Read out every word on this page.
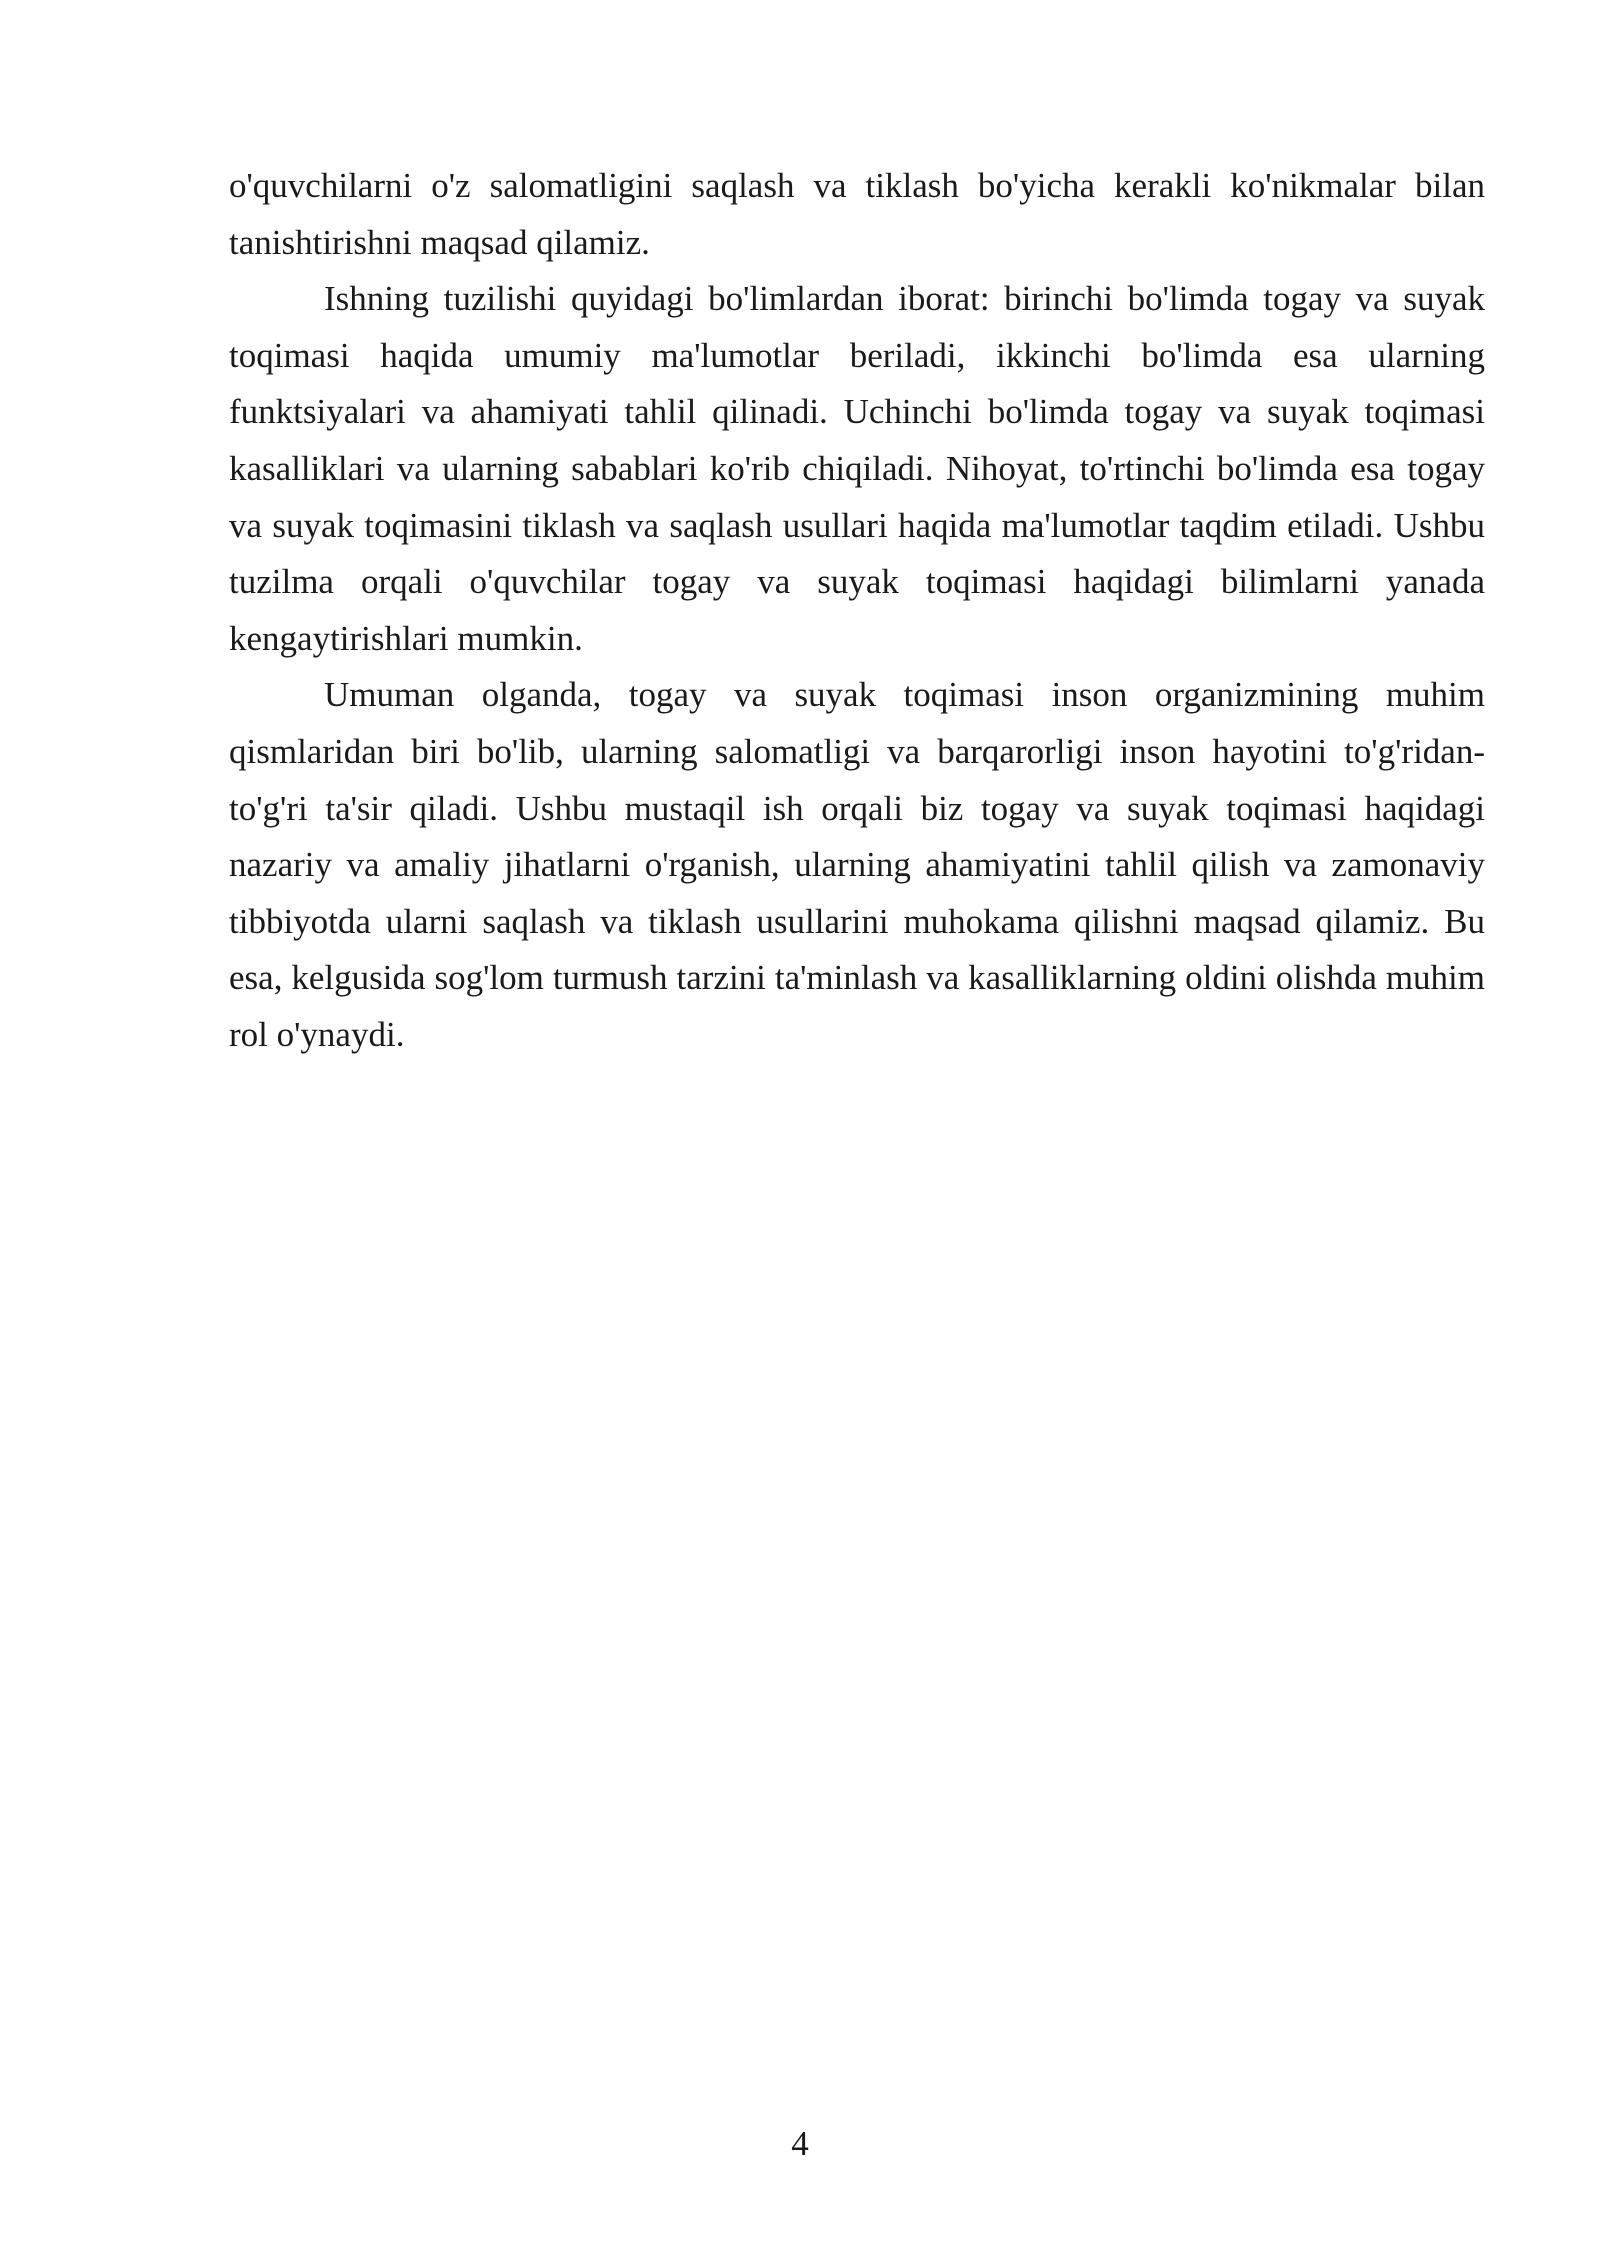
o'quvchilarni o'z salomatligini saqlash va tiklash bo'yicha kerakli ko'nikmalar bilan tanishtirishni maqsad qilamiz.

Ishning tuzilishi quyidagi bo'limlardan iborat: birinchi bo'limda togay va suyak toqimasi haqida umumiy ma'lumotlar beriladi, ikkinchi bo'limda esa ularning funktsiyalari va ahamiyati tahlil qilinadi. Uchinchi bo'limda togay va suyak toqimasi kasalliklari va ularning sabablari ko'rib chiqiladi. Nihoyat, to'rtinchi bo'limda esa togay va suyak toqimasini tiklash va saqlash usullari haqida ma'lumotlar taqdim etiladi. Ushbu tuzilma orqali o'quvchilar togay va suyak toqimasi haqidagi bilimlarni yanada kengaytirishlari mumkin.

Umuman olganda, togay va suyak toqimasi inson organizmining muhim qismlaridan biri bo'lib, ularning salomatligi va barqarorligi inson hayotini to'g'ridan-to'g'ri ta'sir qiladi. Ushbu mustaqil ish orqali biz togay va suyak toqimasi haqidagi nazariy va amaliy jihatlarni o'rganish, ularning ahamiyatini tahlil qilish va zamonaviy tibbiyotda ularni saqlash va tiklash usullarini muhokama qilishni maqsad qilamiz. Bu esa, kelgusida sog'lom turmush tarzini ta'minlash va kasalliklarning oldini olishda muhim rol o'ynaydi.

4
